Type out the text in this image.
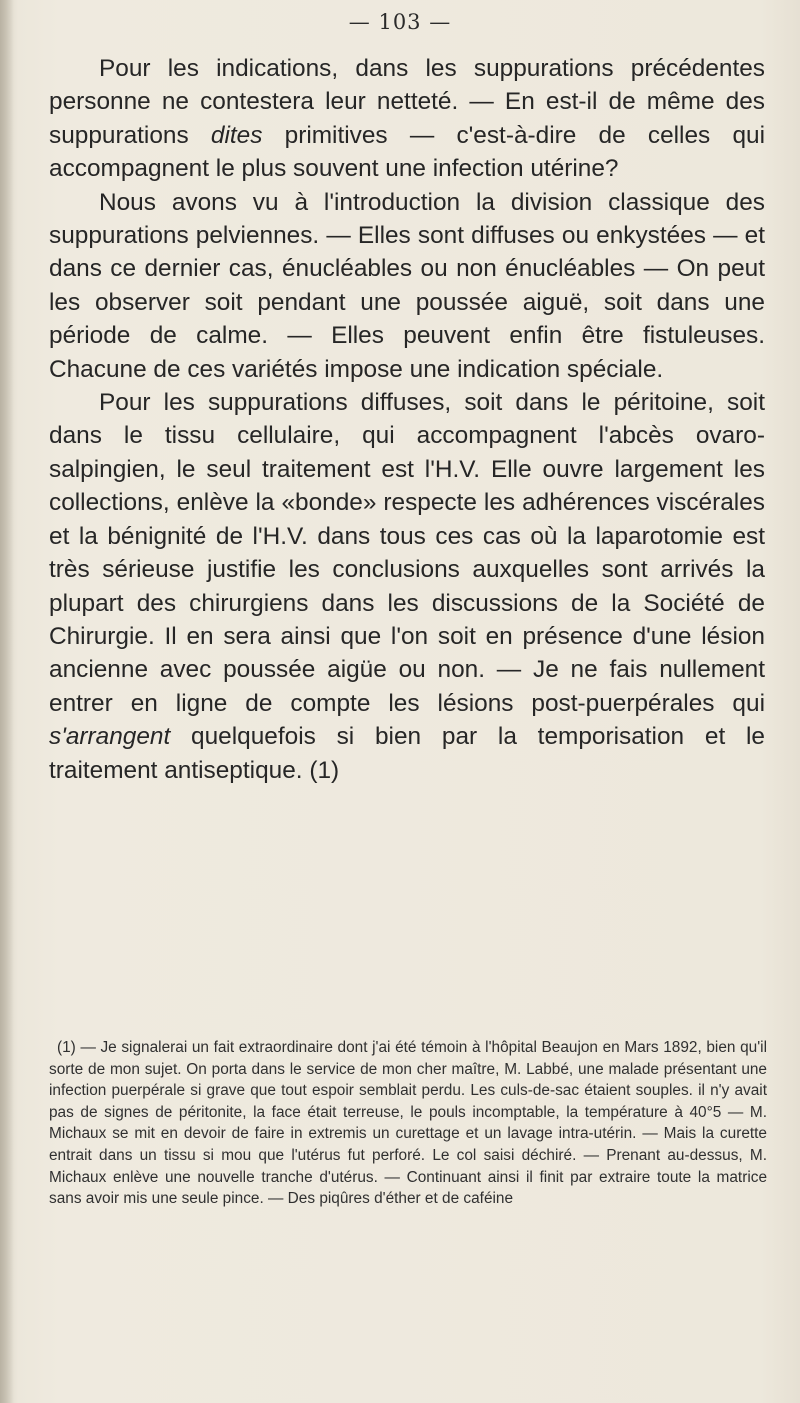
— 103 —

Pour les indications, dans les suppurations précédentes personne ne contestera leur netteté. — En est-il de même des suppurations dites primitives — c'est-à-dire de celles qui accompagnent le plus souvent une infection utérine?

Nous avons vu à l'introduction la division classique des suppurations pelviennes. — Elles sont diffuses ou enkystées — et dans ce dernier cas, énucléables ou non énucléables — On peut les observer soit pendant une poussée aiguë, soit dans une période de calme. — Elles peuvent enfin être fistuleuses. Chacune de ces variétés impose une indication spéciale.

Pour les suppurations diffuses, soit dans le péritoine, soit dans le tissu cellulaire, qui accompagnent l'abcès ovaro-salpingien, le seul traitement est l'H.V. Elle ouvre largement les collections, enlève la «bonde» respecte les adhérences viscérales et la bénignité de l'H.V. dans tous ces cas où la laparotomie est très sérieuse justifie les conclusions auxquelles sont arrivés la plupart des chirurgiens dans les discussions de la Société de Chirurgie. Il en sera ainsi que l'on soit en présence d'une lésion ancienne avec poussée aigüe ou non. — Je ne fais nullement entrer en ligne de compte les lésions post-puerpérales qui s'arrangent quelquefois si bien par la temporisation et le traitement antiseptique. (1)

(1) — Je signalerai un fait extraordinaire dont j'ai été témoin à l'hôpital Beaujon en Mars 1892, bien qu'il sorte de mon sujet. On porta dans le service de mon cher maître, M. Labbé, une malade présentant une infection puerpérale si grave que tout espoir semblait perdu. Les culs-de-sac étaient souples. il n'y avait pas de signes de péritonite, la face était terreuse, le pouls incomptable, la température à 40°5 — M. Michaux se mit en devoir de faire in extremis un curettage et un lavage intra-utérin. — Mais la curette entrait dans un tissu si mou que l'utérus fut perforé. Le col saisi déchiré. — Prenant au-dessus, M. Michaux enlève une nouvelle tranche d'utérus. — Continuant ainsi il finit par extraire toute la matrice sans avoir mis une seule pince. — Des piqûres d'éther et de caféine
